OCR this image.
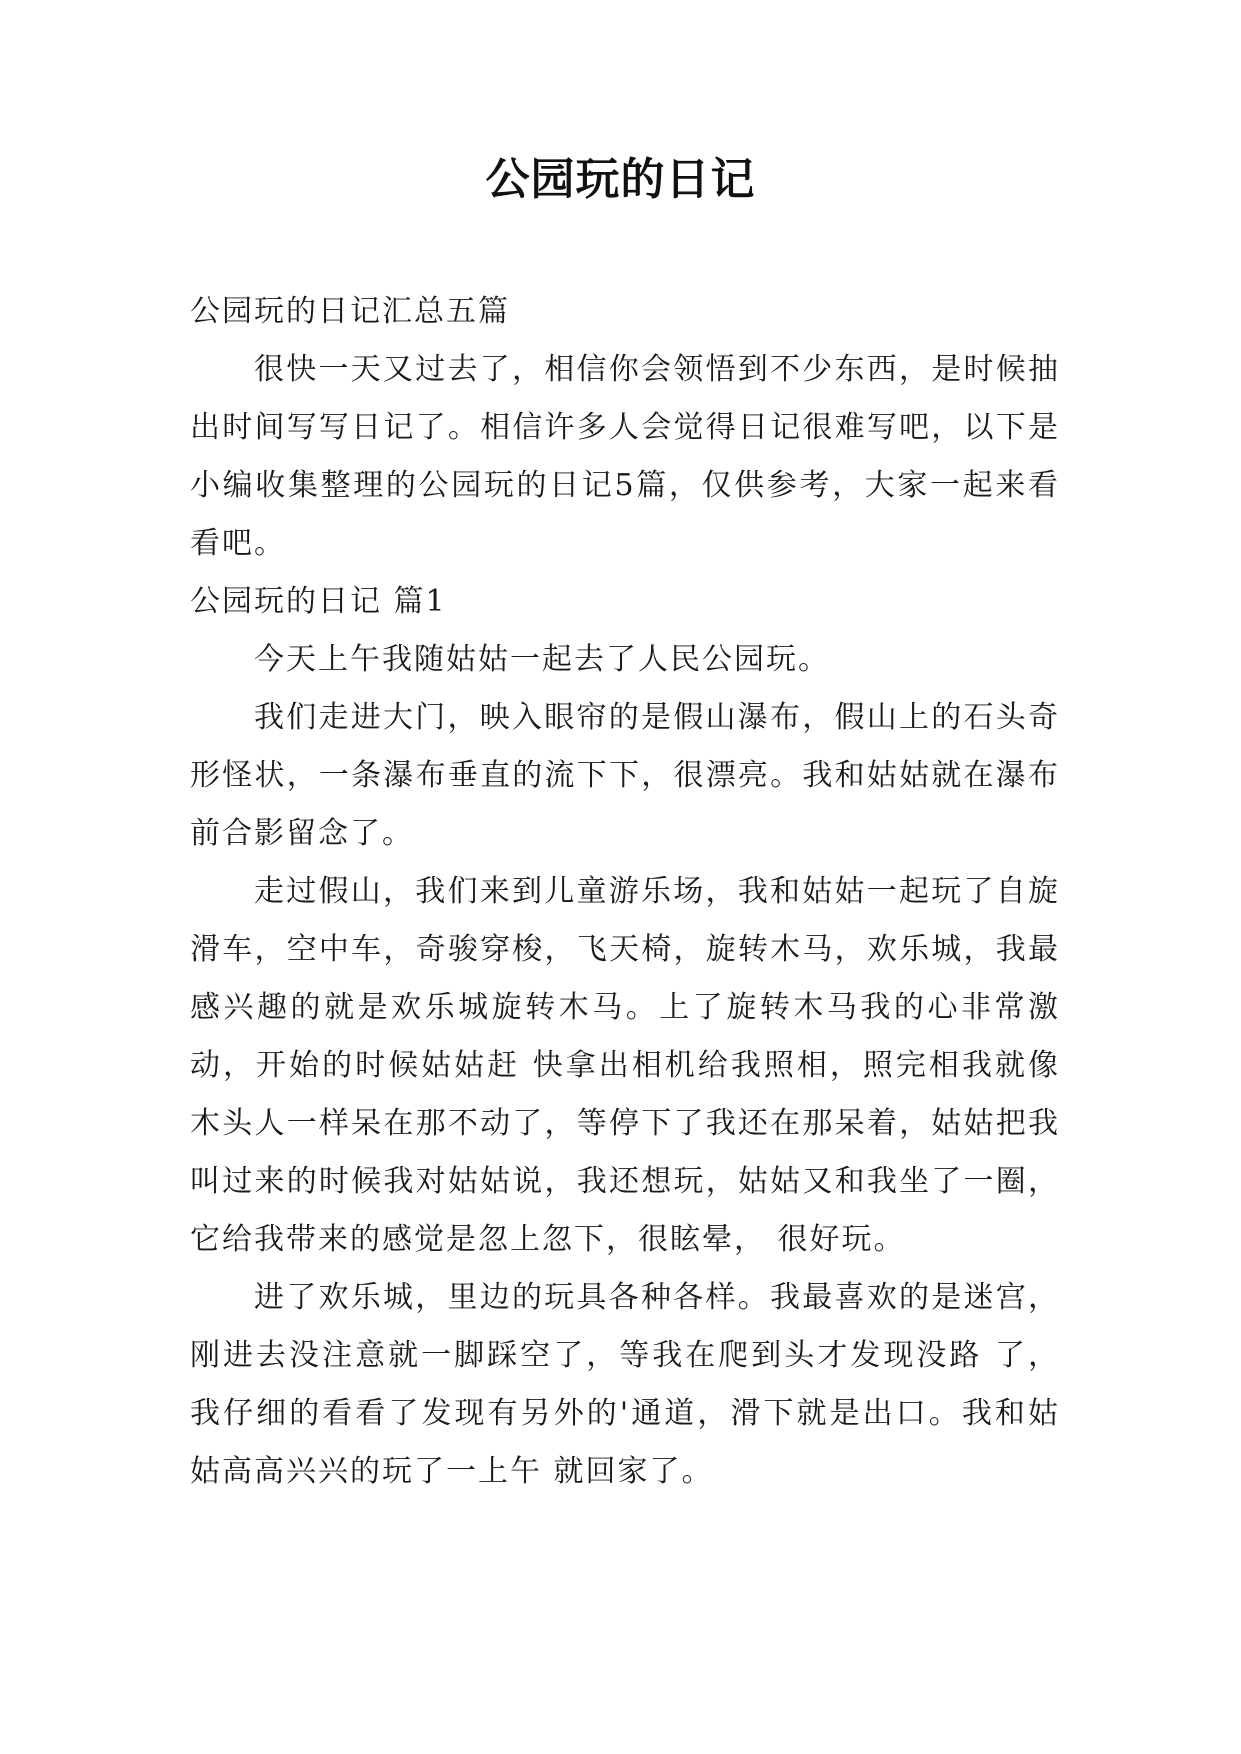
公园玩的日记

公园玩的日记汇总五篇

很快一天又过去了，相信你会领悟到不少东西，是时候抽出时间写写日记了。相信许多人会觉得日记很难写吧，以下是小编收集整理的公园玩的日记5篇，仅供参考，大家一起来看看吧。

公园玩的日记 篇1

今天上午我随姑姑一起去了人民公园玩。

我们走进大门，映入眼帘的是假山瀑布，假山上的石头奇形怪状，一条瀑布垂直的流下下，很漂亮。我和姑姑就在瀑布前合影留念了。

走过假山，我们来到儿童游乐场，我和姑姑一起玩了自旋滑车，空中车，奇骏穿梭，飞天椅，旋转木马，欢乐城，我最感兴趣的就是欢乐城旋转木马。上了旋转木马我的心非常激动，开始的时候姑姑赶 快拿出相机给我照相，照完相我就像木头人一样呆在那不动了，等停下了我还在那呆着，姑姑把我叫过来的时候我对姑姑说，我还想玩，姑姑又和我坐了一圈，它给我带来的感觉是忽上忽下，很眩晕， 很好玩。

进了欢乐城，里边的玩具各种各样。我最喜欢的是迷宫，刚进去没注意就一脚踩空了，等我在爬到头才发现没路 了，我仔细的看看了发现有另外的'通道，滑下就是出口。我和姑姑高高兴兴的玩了一上午 就回家了。
